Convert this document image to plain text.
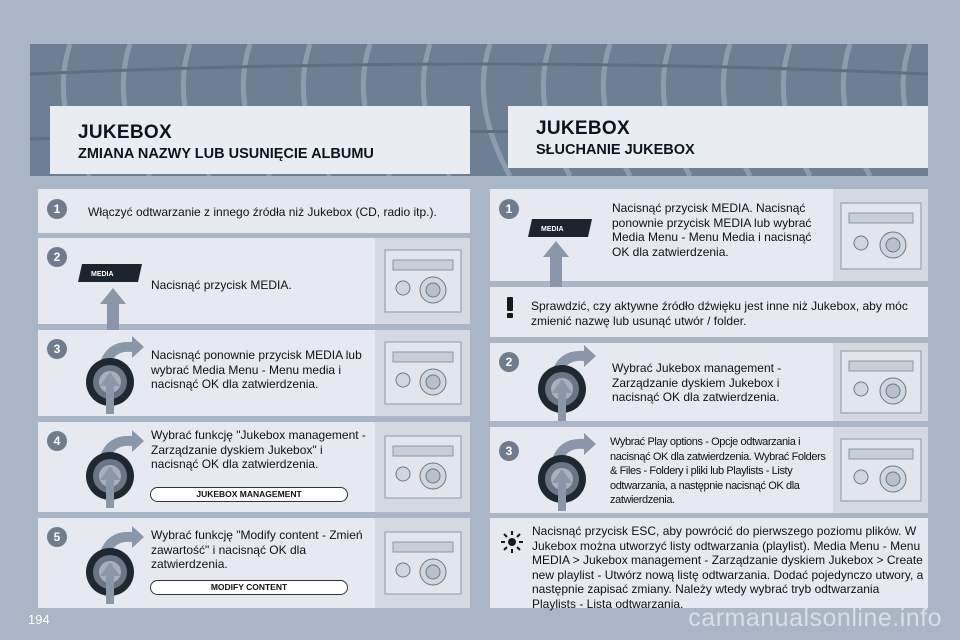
JUKEBOX
ZMIANA NAZWY LUB USUNIĘCIE ALBUMU
JUKEBOX
SŁUCHANIE JUKEBOX
1	Włączyć odtwarzanie z innego źródła niż Jukebox (CD, radio itp.).
2
MEDIA
Nacisnąć przycisk MEDIA.
3	Nacisnąć ponownie przycisk MEDIA lub wybrać Media Menu - Menu media i nacisnąć OK dla zatwierdzenia.
4	Wybrać funkcję "Jukebox management - Zarządzanie dyskiem Jukebox" i nacisnąć OK dla zatwierdzenia.
JUKEBOX MANAGEMENT
5	Wybrać funkcję "Modify content - Zmień zawartość" i nacisnąć OK dla zatwierdzenia.
MODIFY CONTENT
1
MEDIA
Nacisnąć przycisk MEDIA. Nacisnąć ponownie przycisk MEDIA lub wybrać Media Menu - Menu Media i nacisnąć OK dla zatwierdzenia.
Sprawdzić, czy aktywne źródło dźwięku jest inne niż Jukebox, aby móc zmienić nazwę lub usunąć utwór / folder.
2	Wybrać Jukebox management - Zarządzanie dyskiem Jukebox i nacisnąć OK dla zatwierdzenia.
3
Wybrać Play options - Opcje odtwarzania i nacisnąć OK dla zatwierdzenia. Wybrać Folders & Files - Foldery i pliki lub Playlists - Listy odtwarzania, a następnie nacisnąć OK dla zatwierdzenia.
Nacisnąć przycisk ESC, aby powrócić do pierwszego poziomu plików. W Jukebox można utworzyć listy odtwarzania (playlist). Media Menu - Menu MEDIA > Jukebox management - Zarządzanie dyskiem Jukebox > Create new playlist - Utwórz nową listę odtwarzania. Dodać pojedynczo utwory, a następnie zapisać zmiany. Należy wtedy wybrać tryb odtwarzania Playlists - Lista odtwarzania.
194	carmanualsonline.info
